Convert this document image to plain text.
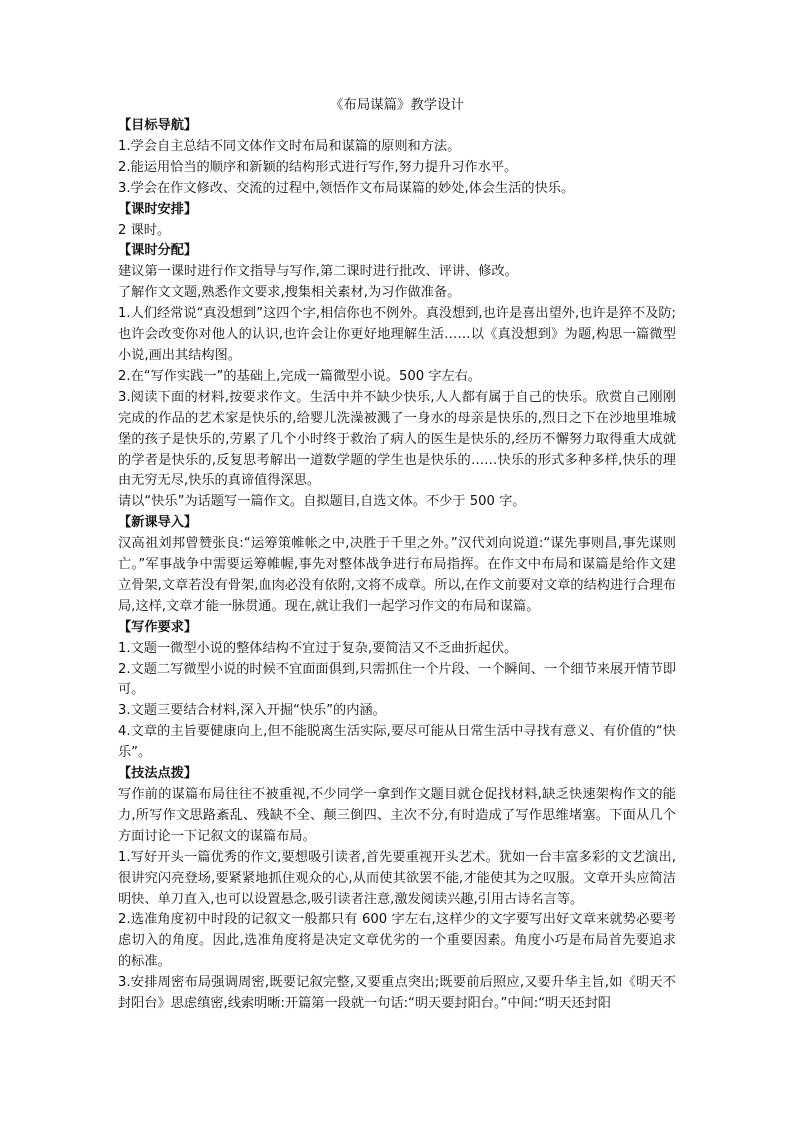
《布局谋篇》教学设计

【目标导航】

1.学会自主总结不同文体作文时布局和谋篇的原则和方法。

2.能运用恰当的顺序和新颖的结构形式进行写作,努力提升习作水平。

3.学会在作文修改、交流的过程中,领悟作文布局谋篇的妙处,体会生活的快乐。

【课时安排】

2 课时。

【课时分配】

建议第一课时进行作文指导与写作,第二课时进行批改、评讲、修改。

了解作文文题,熟悉作文要求,搜集相关素材,为习作做准备。

1.人们经常说“真没想到”这四个字,相信你也不例外。真没想到,也许是喜出望外,也许是猝不及防;也许会改变你对他人的认识,也许会让你更好地理解生活……以《真没想到》为题,构思一篇微型小说,画出其结构图。

2.在“写作实践一”的基础上,完成一篇微型小说。500 字左右。

3.阅读下面的材料,按要求作文。生活中并不缺少快乐,人人都有属于自己的快乐。欣赏自己刚刚完成的作品的艺术家是快乐的,给婴儿洗澡被溅了一身水的母亲是快乐的,烈日之下在沙地里堆城堡的孩子是快乐的,劳累了几个小时终于救治了病人的医生是快乐的,经历不懈努力取得重大成就的学者是快乐的,反复思考解出一道数学题的学生也是快乐的……快乐的形式多种多样,快乐的理由无穷无尽,快乐的真谛值得深思。

请以“快乐”为话题写一篇作文。自拟题目,自选文体。不少于 500 字。

【新课导入】

汉高祖刘邦曾赞张良:“运筹策帷帐之中,决胜于千里之外。”汉代刘向说道:“谋先事则昌,事先谋则亡。”军事战争中需要运筹帷幄,事先对整体战争进行布局指挥。在作文中布局和谋篇是给作文建立骨架,文章若没有骨架,血肉必没有依附,文将不成章。所以,在作文前要对文章的结构进行合理布局,这样,文章才能一脉贯通。现在,就让我们一起学习作文的布局和谋篇。

【写作要求】

1.文题一微型小说的整体结构不宜过于复杂,要简洁又不乏曲折起伏。

2.文题二写微型小说的时候不宜面面俱到,只需抓住一个片段、一个瞬间、一个细节来展开情节即可。

3.文题三要结合材料,深入开掘“快乐”的内涵。

4.文章的主旨要健康向上,但不能脱离生活实际,要尽可能从日常生活中寻找有意义、有价值的“快乐”。

【技法点拨】

写作前的谋篇布局往往不被重视,不少同学一拿到作文题目就仓促找材料,缺乏快速架构作文的能力,所写作文思路紊乱、残缺不全、颠三倒四、主次不分,有时造成了写作思维堵塞。下面从几个方面讨论一下记叙文的谋篇布局。

1.写好开头一篇优秀的作文,要想吸引读者,首先要重视开头艺术。犹如一台丰富多彩的文艺演出,很讲究闪亮登场,要紧紧地抓住观众的心,从而使其欲罢不能,才能使其为之叹服。文章开头应简洁明快、单刀直入,也可以设置悬念,吸引读者注意,激发阅读兴趣,引用古诗名言等。

2.选准角度初中时段的记叙文一般都只有 600 字左右,这样少的文字要写出好文章来就势必要考虑切入的角度。因此,选准角度将是决定文章优劣的一个重要因素。角度小巧是布局首先要追求的标准。

3.安排周密布局强调周密,既要记叙完整,又要重点突出;既要前后照应,又要升华主旨,如《明天不封阳台》思虑缜密,线索明晰:开篇第一段就一句话:“明天要封阳台。”中间:“明天还封阳
